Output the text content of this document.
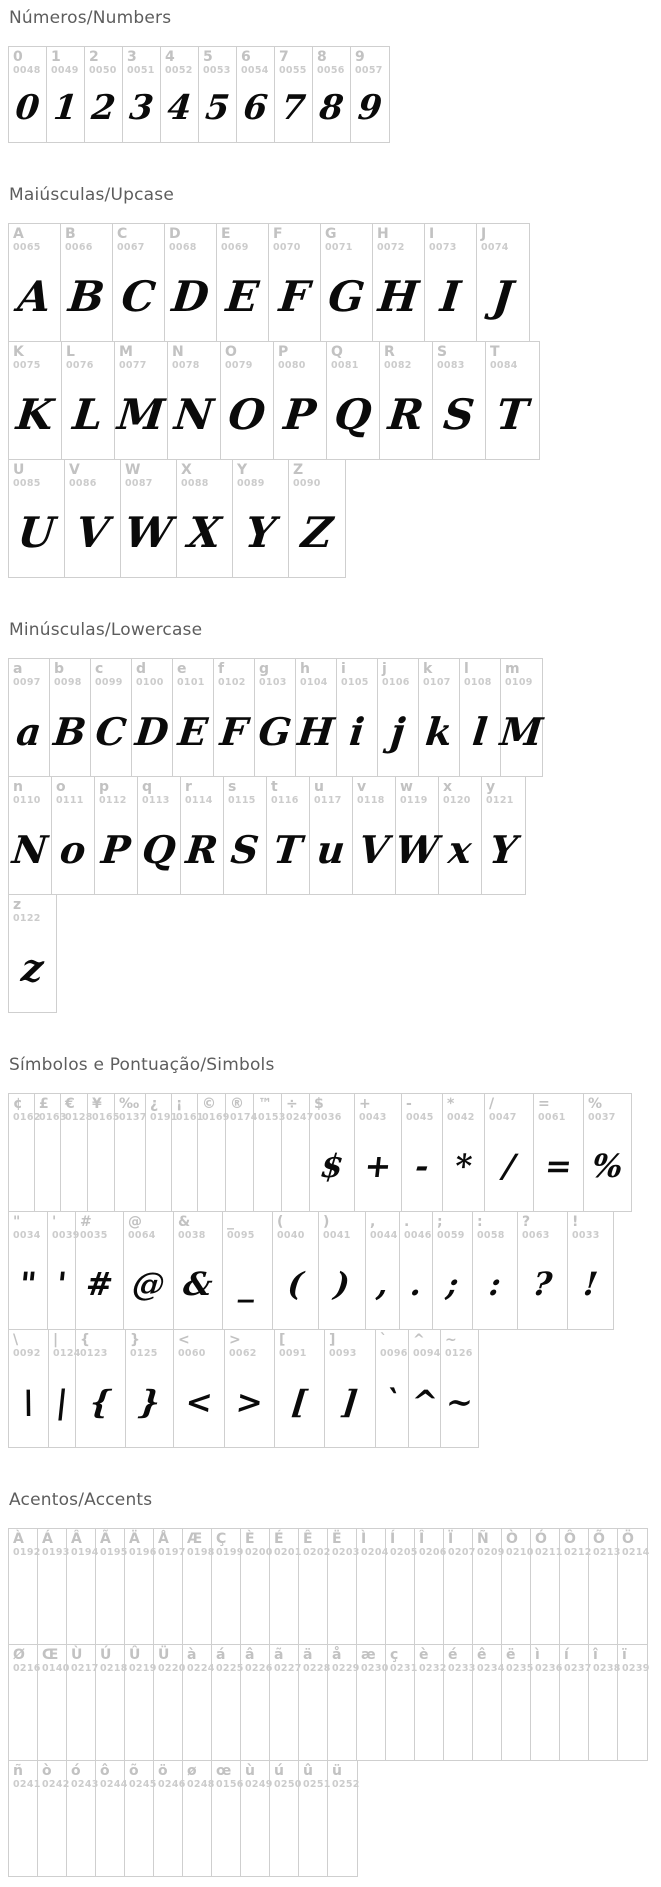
Números/Numbers
0
0048
0
1
0049
1
2
0050
2
3
0051
3
4
0052
4
5
0053
5
6
0054
6
7
0055
7
8
0056
8
9
0057
9
Maiúsculas/Upcase
A
0065
A
B
0066
B
C
0067
C
D
0068
D
E
0069
E
F
0070
F
G
0071
G
H
0072
H
I
0073
I
J
0074
J
K
0075
K
L
0076
L
M
0077
M
N
0078
N
O
0079
O
P
0080
P
Q
0081
Q
R
0082
R
S
0083
S
T
0084
T
U
0085
U
V
0086
V
W
0087
W
X
0088
X
Y
0089
Y
Z
0090
Z
Minúsculas/Lowercase
a
0097
a
b
0098
B
c
0099
C
d
0100
D
e
0101
E
f
0102
F
g
0103
G
h
0104
H
i
0105
i
j
0106
j
k
0107
k
l
0108
l
m
0109
M
n
0110
N
o
0111
o
p
0112
P
q
0113
Q
r
0114
R
s
0115
S
t
0116
T
u
0117
u
v
0118
V
w
0119
W
x
0120
x
y
0121
Y
z
0122
z
Símbolos e Pontuação/Simbols
¢
0162
£
0163
€
0128
¥
0165
‰
0137
¿
0191
¡
0161
©
0169
®
0174
™
0153
÷
0247
$
0036
$
+
0043
+
-
0045
-
*
0042
*
/
0047
/
=
0061
=
%
0037
%
"
0034
"
'
0039
'
#
0035
#
@
0064
@
&
0038
&
_
0095
_
(
0040
(
)
0041
)
,
0044
,
.
0046
.
;
0059
;
:
0058
:
?
0063
?
!
0033
!
\
0092
\
|
0124
|
{
0123
{
}
0125
}
<
0060
<
>
0062
>
[
0091
[
]
0093
]
`
0096
`
^
0094
^
~
0126
~
Acentos/Accents
À
0192
Á
0193
Â
0194
Ã
0195
Ä
0196
Å
0197
Æ
0198
Ç
0199
È
0200
É
0201
Ê
0202
Ë
0203
Ì
0204
Í
0205
Î
0206
Ï
0207
Ñ
0209
Ò
0210
Ó
0211
Ô
0212
Õ
0213
Ö
0214
Ø
0216
Œ
0140
Ù
0217
Ú
0218
Û
0219
Ü
0220
à
0224
á
0225
â
0226
ã
0227
ä
0228
å
0229
æ
0230
ç
0231
è
0232
é
0233
ê
0234
ë
0235
ì
0236
í
0237
î
0238
ï
0239
ñ
0241
ò
0242
ó
0243
ô
0244
õ
0245
ö
0246
ø
0248
œ
0156
ù
0249
ú
0250
û
0251
ü
0252
